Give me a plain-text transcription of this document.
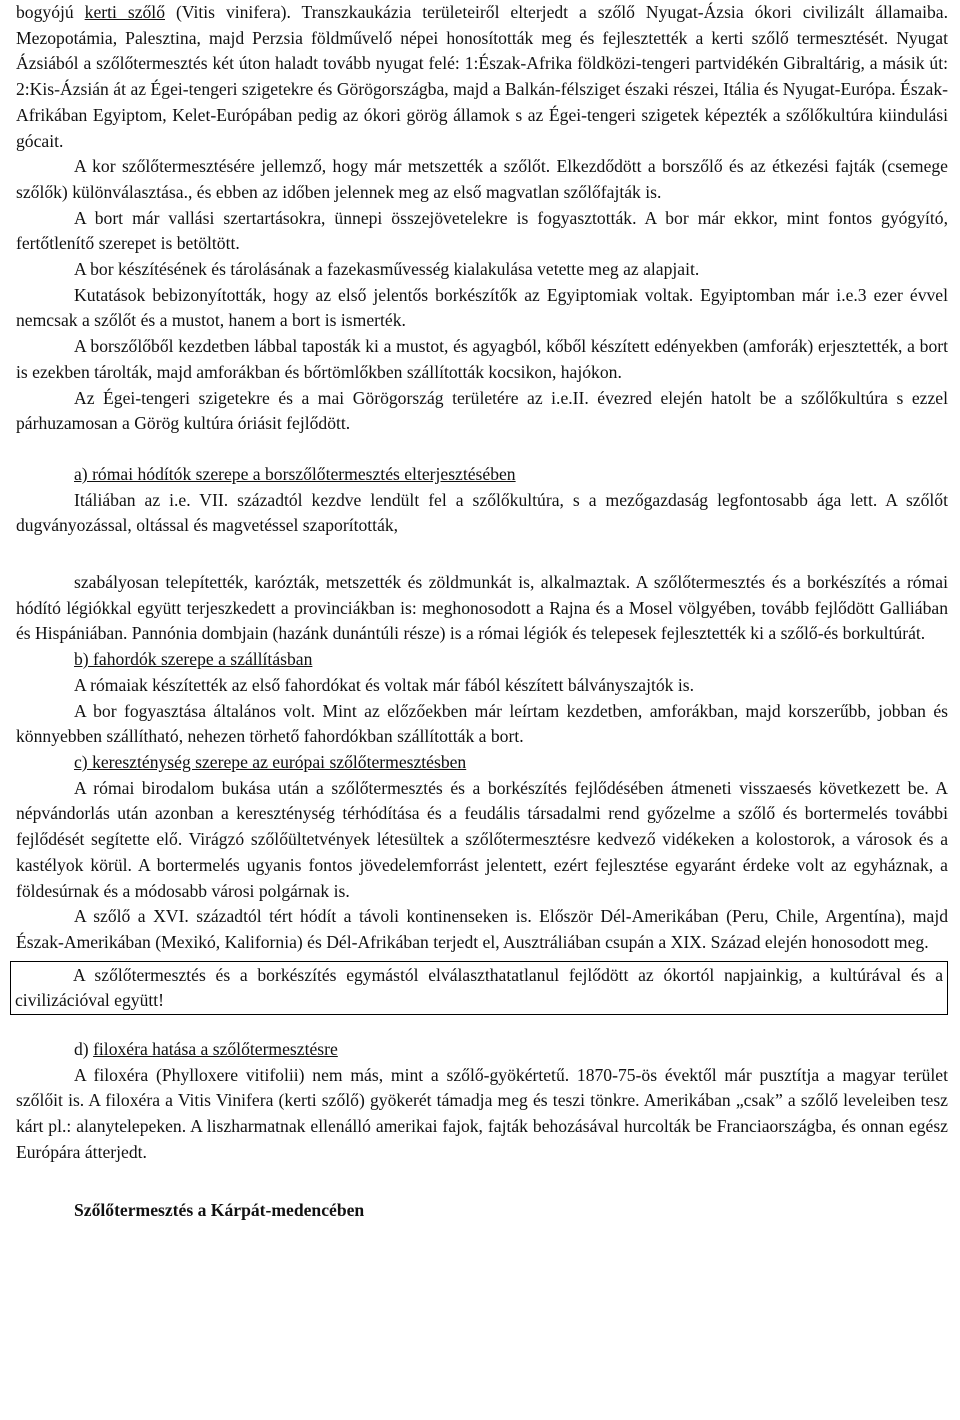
bogyójú kerti szőlő (Vitis vinifera). Transzkaukázia területeiről elterjedt a szőlő Nyugat-Ázsia ókori civilizált államaiba. Mezopotámia, Palesztina, majd Perzsia földművelő népei honosították meg és fejlesztették a kerti szőlő termesztését. Nyugat Ázsiából a szőlőtermesztés két úton haladt tovább nyugat felé: 1:Észak-Afrika földközi-tengeri partvidékén Gibraltárig, a másik út: 2:Kis-Ázsián át az Égei-tengeri szigetekre és Görögországba, majd a Balkán-félsziget északi részei, Itália és Nyugat-Európa. Észak-Afrikában Egyiptom, Kelet-Európában pedig az ókori görög államok s az Égei-tengeri szigetek képezték a szőlőkultúra kiindulási gócait.

A kor szőlőtermesztésére jellemző, hogy már metszették a szőlőt. Elkezdődött a borszőlő és az étkezési fajták (csemege szőlők) különválasztása., és ebben az időben jelennek meg az első magvatlan szőlőfajták is.

A bort már vallási szertartásokra, ünnepi összejövetelekre is fogyasztották. A bor már ekkor, mint fontos gyógyító, fertőtlenítő szerepet is betöltött.

A bor készítésének és tárolásának a fazekasművesség kialakulása vetette meg az alapjait.

Kutatások bebizonyították, hogy az első jelentős borkészítők az Egyiptomiak voltak. Egyiptomban már i.e.3 ezer évvel nemcsak a szőlőt és a mustot, hanem a bort is ismerték.

A borszőlőből kezdetben lábbal taposták ki a mustot, és agyagból, kőből készített edényekben (amforák) erjesztették, a bort is ezekben tárolták, majd amforákban és bőrtömlőkben szállították kocsikon, hajókon.

Az Égei-tengeri szigetekre és a mai Görögország területére az i.e.II. évezred elején hatolt be a szőlőkultúra s ezzel párhuzamosan a Görög kultúra óriásit fejlődött.

a) római hódítók szerepe a borszőlőtermesztés elterjesztésében

Itáliában az i.e. VII. századtól kezdve lendült fel a szőlőkultúra, s a mezőgazdaság legfontosabb ága lett. A szőlőt dugványozással, oltással és magvetéssel szaporították,

szabályosan telepítették, karózták, metszették és zöldmunkát is, alkalmaztak. A szőlőtermesztés és a borkészítés a római hódító légiókkal együtt terjeszkedett a provinciákban is: meghonosodott a Rajna és a Mosel völgyében, tovább fejlődött Galliában és Hispániában. Pannónia dombjain (hazánk dunántúli része) is a római légiók és telepesek fejlesztették ki a szőlő-és borkultúrát.

b) fahordók szerepe a szállításban

A rómaiak készítették az első fahordókat és voltak már fából készített bálványszajtók is.

A bor fogyasztása általános volt. Mint az előzőekben már leírtam kezdetben, amforákban, majd korszerűbb, jobban és könnyebben szállítható, nehezen törhető fahordókban szállították a bort.

c) kereszténység szerepe az európai szőlőtermesztésben

A római birodalom bukása után a szőlőtermesztés és a borkészítés fejlődésében átmeneti visszaesés következett be. A népvándorlás után azonban a kereszténység térhódítása és a feudális társadalmi rend győzelme a szőlő és bortermelés további fejlődését segítette elő. Virágzó szőlőültetvények létesültek a szőlőtermesztésre kedvező vidékeken a kolostorok, a városok és a kastélyok körül. A bortermelés ugyanis fontos jövedelemforrást jelentett, ezért fejlesztése egyaránt érdeke volt az egyháznak, a földesúrnak és a módosabb városi polgárnak is.

A szőlő a XVI. századtól tért hódít a távoli kontinenseken is. Először Dél-Amerikában (Peru, Chile, Argentína), majd Észak-Amerikában (Mexikó, Kalifornia) és Dél-Afrikában terjedt el, Ausztráliában csupán a XIX. Század elején honosodott meg.

A szőlőtermesztés és a borkészítés egymástól elválaszthatatlanul fejlődött az ókortól napjainkig, a kultúrával és a civilizációval együtt!

d) filoxéra hatása a szőlőtermesztésre

A filoxéra (Phylloxere vitifolii) nem más, mint a szőlő-gyökértetű. 1870-75-ös évektől már pusztítja a magyar terület szőlőit is. A filoxéra a Vitis Vinifera (kerti szőlő) gyökerét támadja meg és teszi tönkre. Amerikában „csak” a szőlő leveleiben tesz kárt pl.: alanytelepeken. A liszharmatnak ellenálló amerikai fajok, fajták behozásával hurcolták be Franciaországba, és onnan egész Európára átterjedt.

Szőlőtermesztés a Kárpát-medencében
